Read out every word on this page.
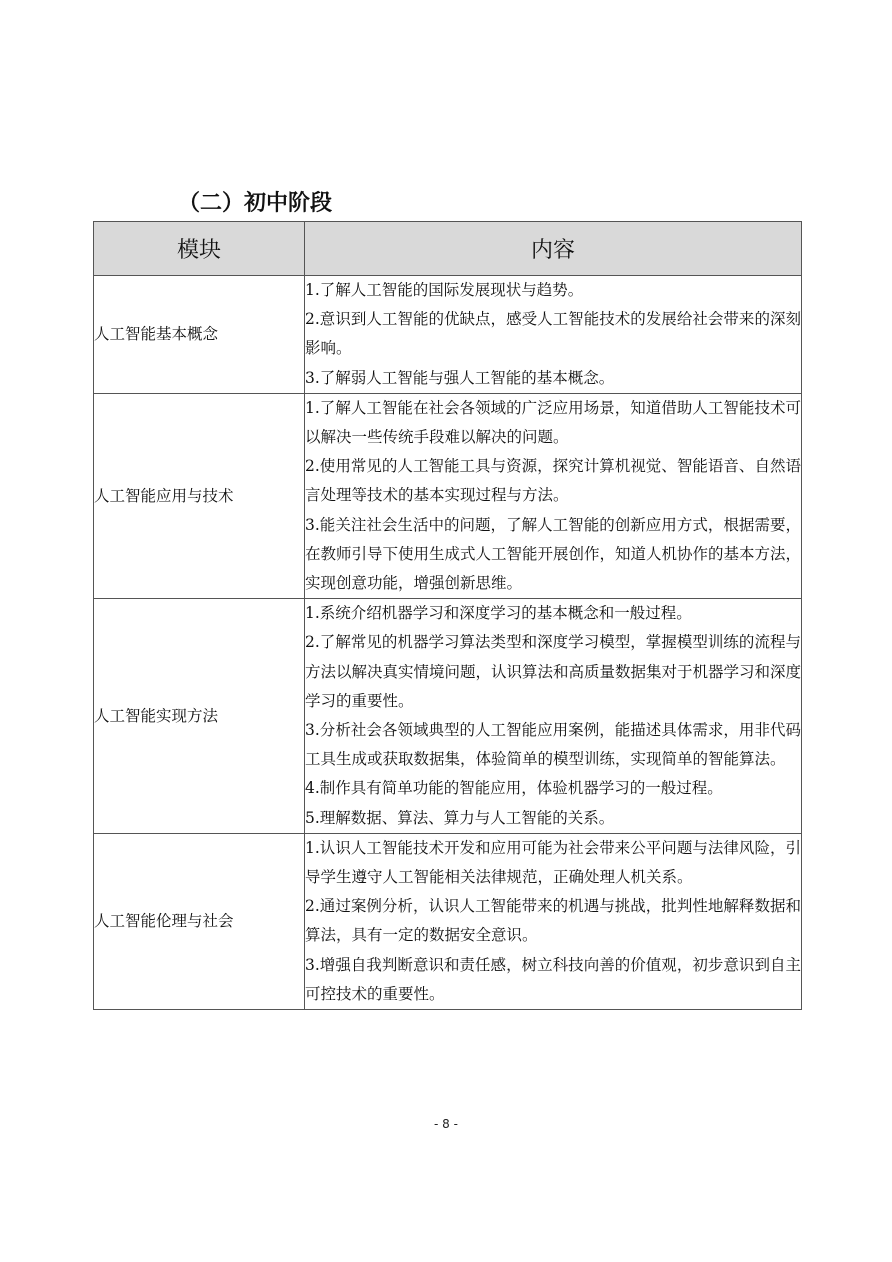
（二）初中阶段
模块	内容
人工智能基本概念	1.了解人工智能的国际发展现状与趋势。

2.意识到人工智能的优缺点，感受人工智能技术的发展给社会带来的深刻影响。

3.了解弱人工智能与强人工智能的基本概念。

人工智能应用与技术	1.了解人工智能在社会各领域的广泛应用场景，知道借助人工智能技术可以解决一些传统手段难以解决的问题。

2.使用常见的人工智能工具与资源，探究计算机视觉、智能语音、自然语言处理等技术的基本实现过程与方法。

3.能关注社会生活中的问题，了解人工智能的创新应用方式，根据需要，在教师引导下使用生成式人工智能开展创作，知道人机协作的基本方法，实现创意功能，增强创新思维。

人工智能实现方法	1.系统介绍机器学习和深度学习的基本概念和一般过程。

2.了解常见的机器学习算法类型和深度学习模型，掌握模型训练的流程与方法以解决真实情境问题，认识算法和高质量数据集对于机器学习和深度学习的重要性。

3.分析社会各领域典型的人工智能应用案例，能描述具体需求，用非代码工具生成或获取数据集，体验简单的模型训练，实现简单的智能算法。

4.制作具有简单功能的智能应用，体验机器学习的一般过程。

5.理解数据、算法、算力与人工智能的关系。

人工智能伦理与社会	1.认识人工智能技术开发和应用可能为社会带来公平问题与法律风险，引导学生遵守人工智能相关法律规范，正确处理人机关系。

2.通过案例分析，认识人工智能带来的机遇与挑战，批判性地解释数据和算法，具有一定的数据安全意识。

3.增强自我判断意识和责任感，树立科技向善的价值观，初步意识到自主可控技术的重要性。

- 8 -
